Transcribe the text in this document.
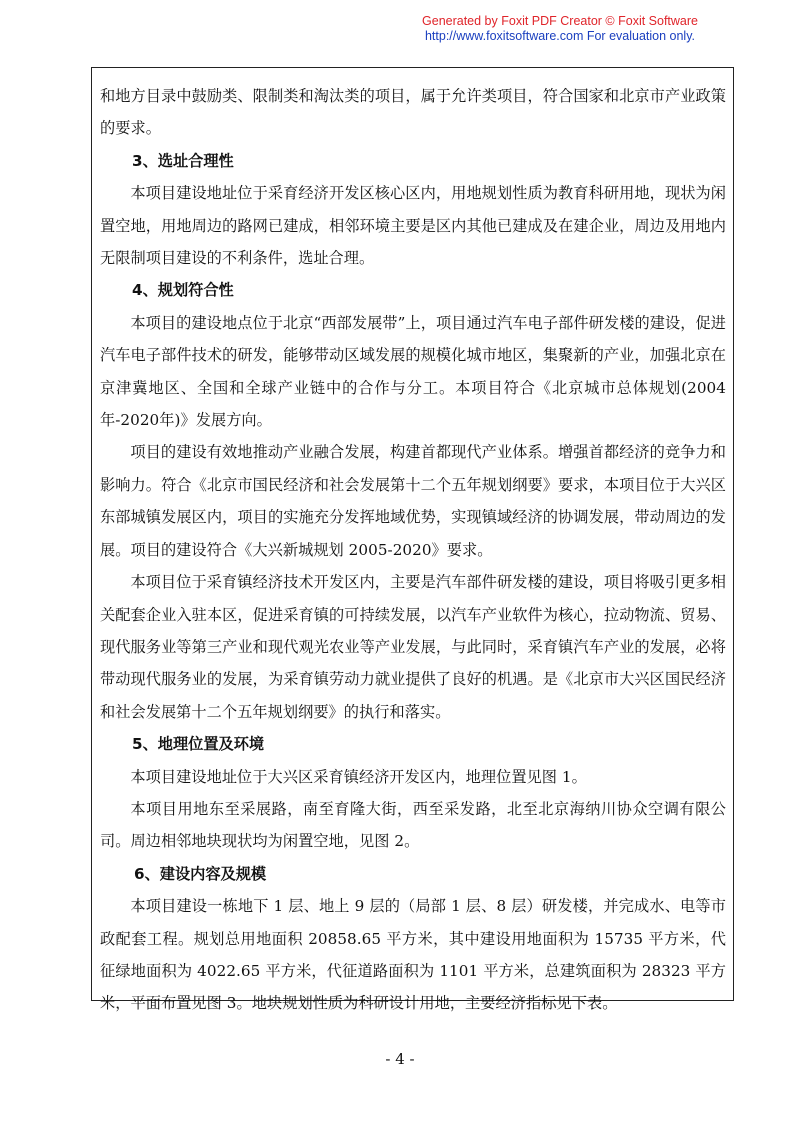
Generated by Foxit PDF Creator © Foxit Software
http://www.foxitsoftware.com For evaluation only.

和地方目录中鼓励类、限制类和淘汰类的项目，属于允许类项目，符合国家和北京市产业政策的要求。

3、选址合理性

本项目建设地址位于采育经济开发区核心区内，用地规划性质为教育科研用地，现状为闲置空地，用地周边的路网已建成，相邻环境主要是区内其他已建成及在建企业，周边及用地内无限制项目建设的不利条件，选址合理。

4、规划符合性

本项目的建设地点位于北京“西部发展带”上，项目通过汽车电子部件研发楼的建设，促进汽车电子部件技术的研发，能够带动区域发展的规模化城市地区，集聚新的产业，加强北京在京津冀地区、全国和全球产业链中的合作与分工。本项目符合《北京城市总体规划(2004年-2020年)》发展方向。

项目的建设有效地推动产业融合发展，构建首都现代产业体系。增强首都经济的竞争力和影响力。符合《北京市国民经济和社会发展第十二个五年规划纲要》要求，本项目位于大兴区东部城镇发展区内，项目的实施充分发挥地域优势，实现镇域经济的协调发展，带动周边的发展。项目的建设符合《大兴新城规划 2005-2020》要求。

本项目位于采育镇经济技术开发区内，主要是汽车部件研发楼的建设，项目将吸引更多相关配套企业入驻本区，促进采育镇的可持续发展，以汽车产业软件为核心，拉动物流、贸易、现代服务业等第三产业和现代观光农业等产业发展，与此同时，采育镇汽车产业的发展，必将带动现代服务业的发展，为采育镇劳动力就业提供了良好的机遇。是《北京市大兴区国民经济和社会发展第十二个五年规划纲要》的执行和落实。

5、地理位置及环境

本项目建设地址位于大兴区采育镇经济开发区内，地理位置见图 1。

本项目用地东至采展路，南至育隆大街，西至采发路，北至北京海纳川协众空调有限公司。周边相邻地块现状均为闲置空地，见图 2。

6、建设内容及规模

本项目建设一栋地下 1 层、地上 9 层的（局部 1 层、8 层）研发楼，并完成水、电等市政配套工程。规划总用地面积 20858.65 平方米，其中建设用地面积为 15735 平方米，代征绿地面积为 4022.65 平方米，代征道路面积为 1101 平方米，总建筑面积为 28323 平方米，平面布置见图 3。地块规划性质为科研设计用地，主要经济指标见下表。

- 4 -
